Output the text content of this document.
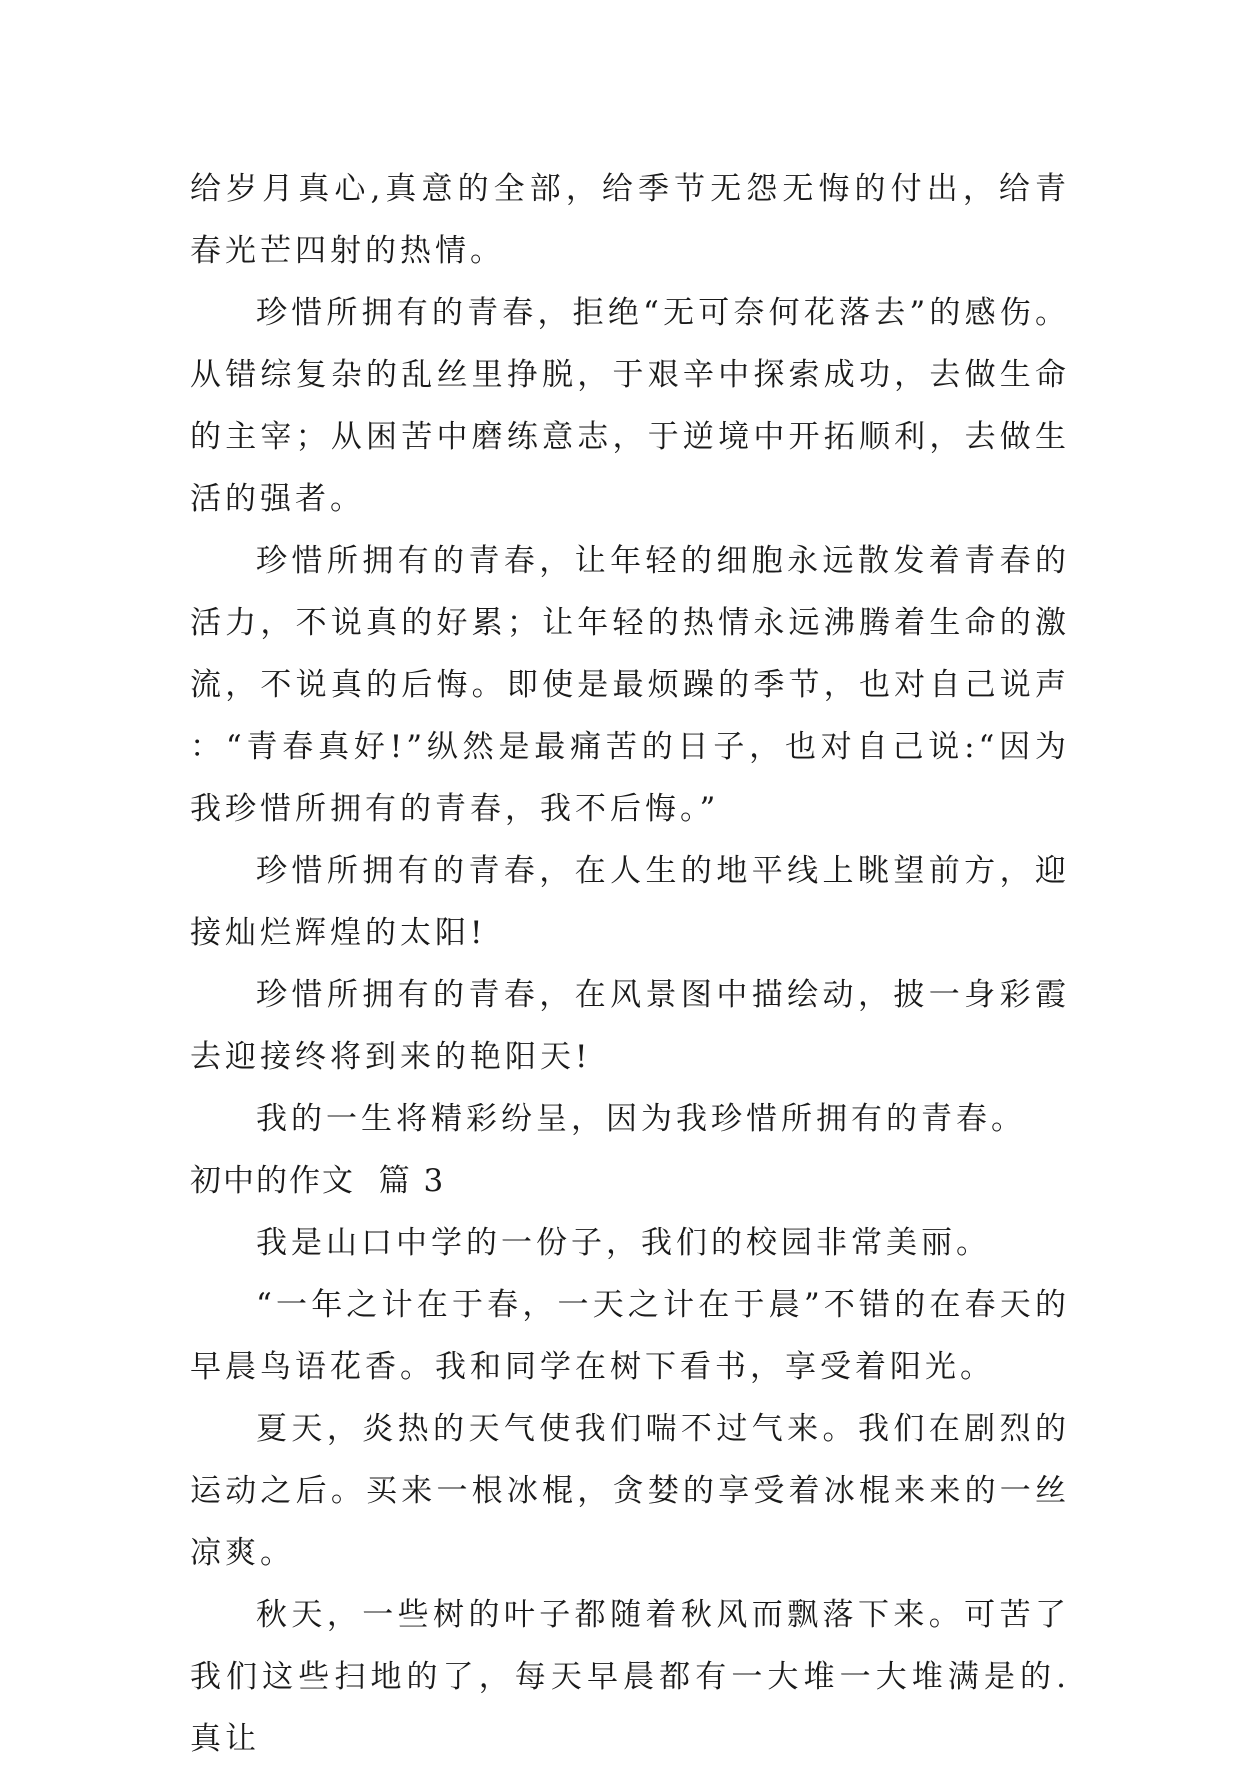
给岁月真心,真意的全部，给季节无怨无悔的付出，给青春光芒四射的热情。

珍惜所拥有的青春，拒绝“无可奈何花落去”的感伤。从错综复杂的乱丝里挣脱，于艰辛中探索成功，去做生命的主宰；从困苦中磨练意志，于逆境中开拓顺利，去做生活的强者。

珍惜所拥有的青春，让年轻的细胞永远散发着青春的活力，不说真的好累；让年轻的热情永远沸腾着生命的激流，不说真的后悔。即使是最烦躁的季节，也对自己说声：“青春真好!”纵然是最痛苦的日子，也对自己说:“因为我珍惜所拥有的青春，我不后悔。”

珍惜所拥有的青春，在人生的地平线上眺望前方，迎接灿烂辉煌的太阳!

珍惜所拥有的青春，在风景图中描绘动，披一身彩霞去迎接终将到来的艳阳天!

我的一生将精彩纷呈，因为我珍惜所拥有的青春。

初中的作文  篇 3

我是山口中学的一份子，我们的校园非常美丽。

“一年之计在于春，一天之计在于晨”不错的在春天的早晨鸟语花香。我和同学在树下看书，享受着阳光。

夏天，炎热的天气使我们喘不过气来。我们在剧烈的运动之后。买来一根冰棍，贪婪的享受着冰棍来来的一丝凉爽。

秋天，一些树的叶子都随着秋风而飘落下来。可苦了我们这些扫地的了，每天早晨都有一大堆一大堆满是的.真让
